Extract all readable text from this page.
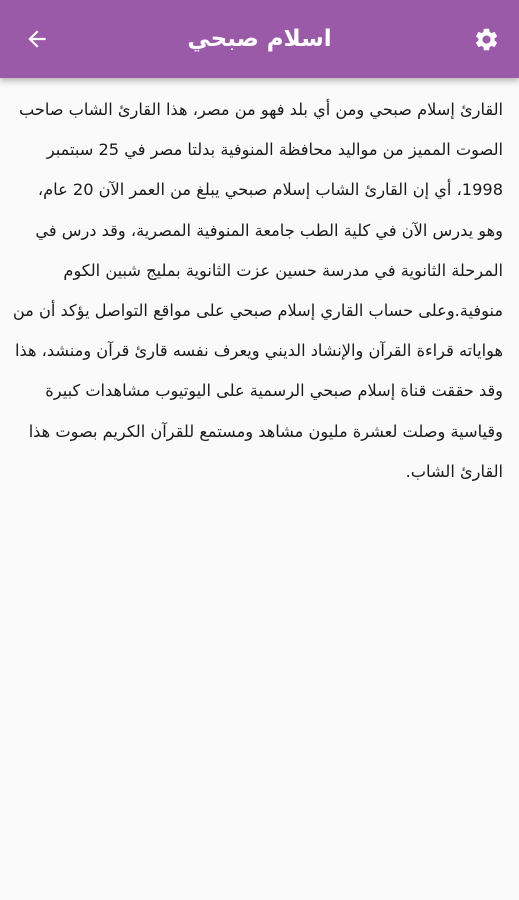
اسلام صبحي

القارئ إسلام صبحي ومن أي بلد فهو من مصر، هذا القارئ الشاب صاحب الصوت المميز من مواليد محافظة المنوفية بدلتا مصر في 25 سبتمبر 1998، أي إن القارئ الشاب إسلام صبحي يبلغ من العمر الآن 20 عام، وهو يدرس الآن في كلية الطب جامعة المنوفية المصرية، وقد درس في المرحلة الثانوية في مدرسة حسين عزت الثانوية بمليج شبين الكوم منوفية.وعلى حساب القاري إسلام صبحي على مواقع التواصل يؤكد أن من هواياته قراءة القرآن والإنشاد الديني ويعرف نفسه قارئ قرآن ومنشد، هذا وقد حققت قناة إسلام صبحي الرسمية على اليوتيوب مشاهدات كبيرة وقياسية وصلت لعشرة مليون مشاهد ومستمع للقرآن الكريم بصوت هذا القارئ الشاب.
